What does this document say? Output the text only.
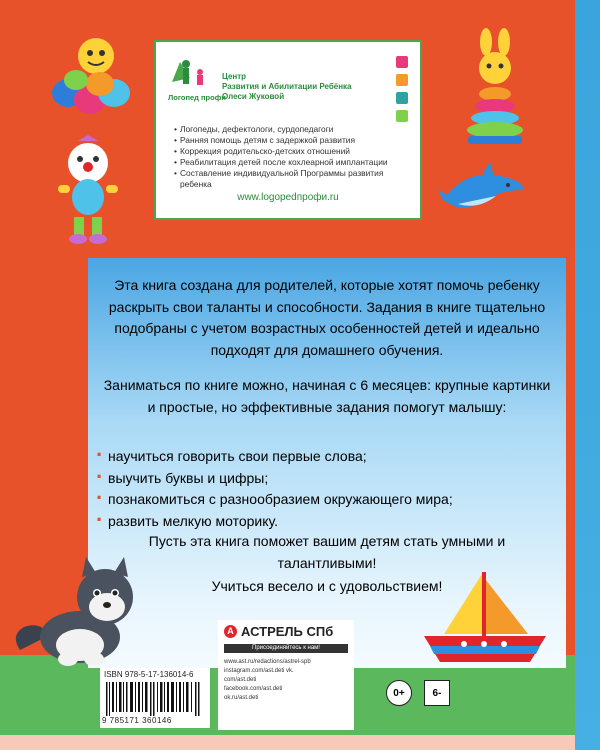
Логопед профи
Центр
Развития и Абилитации Ребёнка
Олеси Жуковой
• Логопеды, дефектологи, сурдопедагоги
• Ранняя помощь детям с задержкой развития
• Коррекция родительско-детских отношений
• Реабилитация детей после кохлеарной имплантации
• Составление индивидуальной Программы развития ребенка
www.logopedпрофи.ru
Эта книга создана для родителей, которые хотят помочь ребенку раскрыть свои таланты и способности. Задания в книге тщательно подобраны с учетом возрастных особенностей детей и идеально подходят для домашнего обучения.
Заниматься по книге можно, начиная с 6 месяцев: крупные картинки и простые, но эффективные задания помогут малышу:
· научиться говорить свои первые слова;
· выучить буквы и цифры;
· познакомиться с разнообразием окружающего мира;
· развить мелкую моторику.
Пусть эта книга поможет вашим детям стать умными и талантливыми!
Учиться весело и с удовольствием!
А АСТРЕЛЬ СПб
Присоединяйтесь к нам!
www.ast.ru/redactions/astrel-spb
instagram.com/ast.deti vk.
com/ast.deti
facebook.com/ast.deti
ok.ru/ast.deti
ISBN 978-5-17-136014-6
9 785171 360146
0+	6-
